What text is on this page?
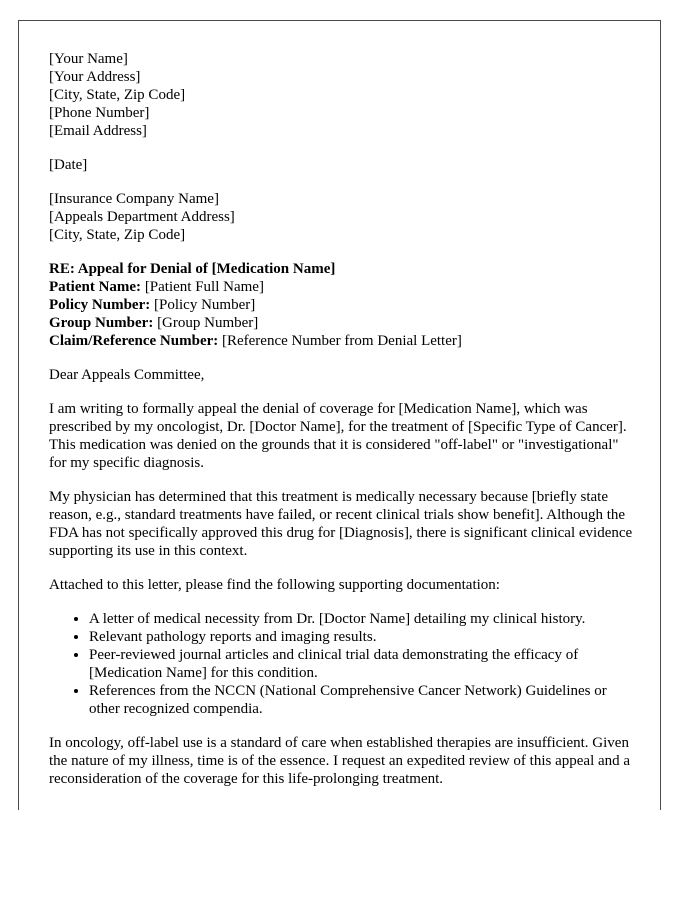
[Your Name]
[Your Address]
[City, State, Zip Code]
[Phone Number]
[Email Address]
[Date]
[Insurance Company Name]
[Appeals Department Address]
[City, State, Zip Code]
RE: Appeal for Denial of [Medication Name]
Patient Name: [Patient Full Name]
Policy Number: [Policy Number]
Group Number: [Group Number]
Claim/Reference Number: [Reference Number from Denial Letter]

Dear Appeals Committee,

I am writing to formally appeal the denial of coverage for [Medication Name], which was prescribed by my oncologist, Dr. [Doctor Name], for the treatment of [Specific Type of Cancer]. This medication was denied on the grounds that it is considered "off-label" or "investigational" for my specific diagnosis.

My physician has determined that this treatment is medically necessary because [briefly state reason, e.g., standard treatments have failed, or recent clinical trials show benefit]. Although the FDA has not specifically approved this drug for [Diagnosis], there is significant clinical evidence supporting its use in this context.

Attached to this letter, please find the following supporting documentation:

• A letter of medical necessity from Dr. [Doctor Name] detailing my clinical history.
• Relevant pathology reports and imaging results.
• Peer-reviewed journal articles and clinical trial data demonstrating the efficacy of [Medication Name] for this condition.
• References from the NCCN (National Comprehensive Cancer Network) Guidelines or other recognized compendia.

In oncology, off-label use is a standard of care when established therapies are insufficient. Given the nature of my illness, time is of the essence. I request an expedited review of this appeal and a reconsideration of the coverage for this life-prolonging treatment.
